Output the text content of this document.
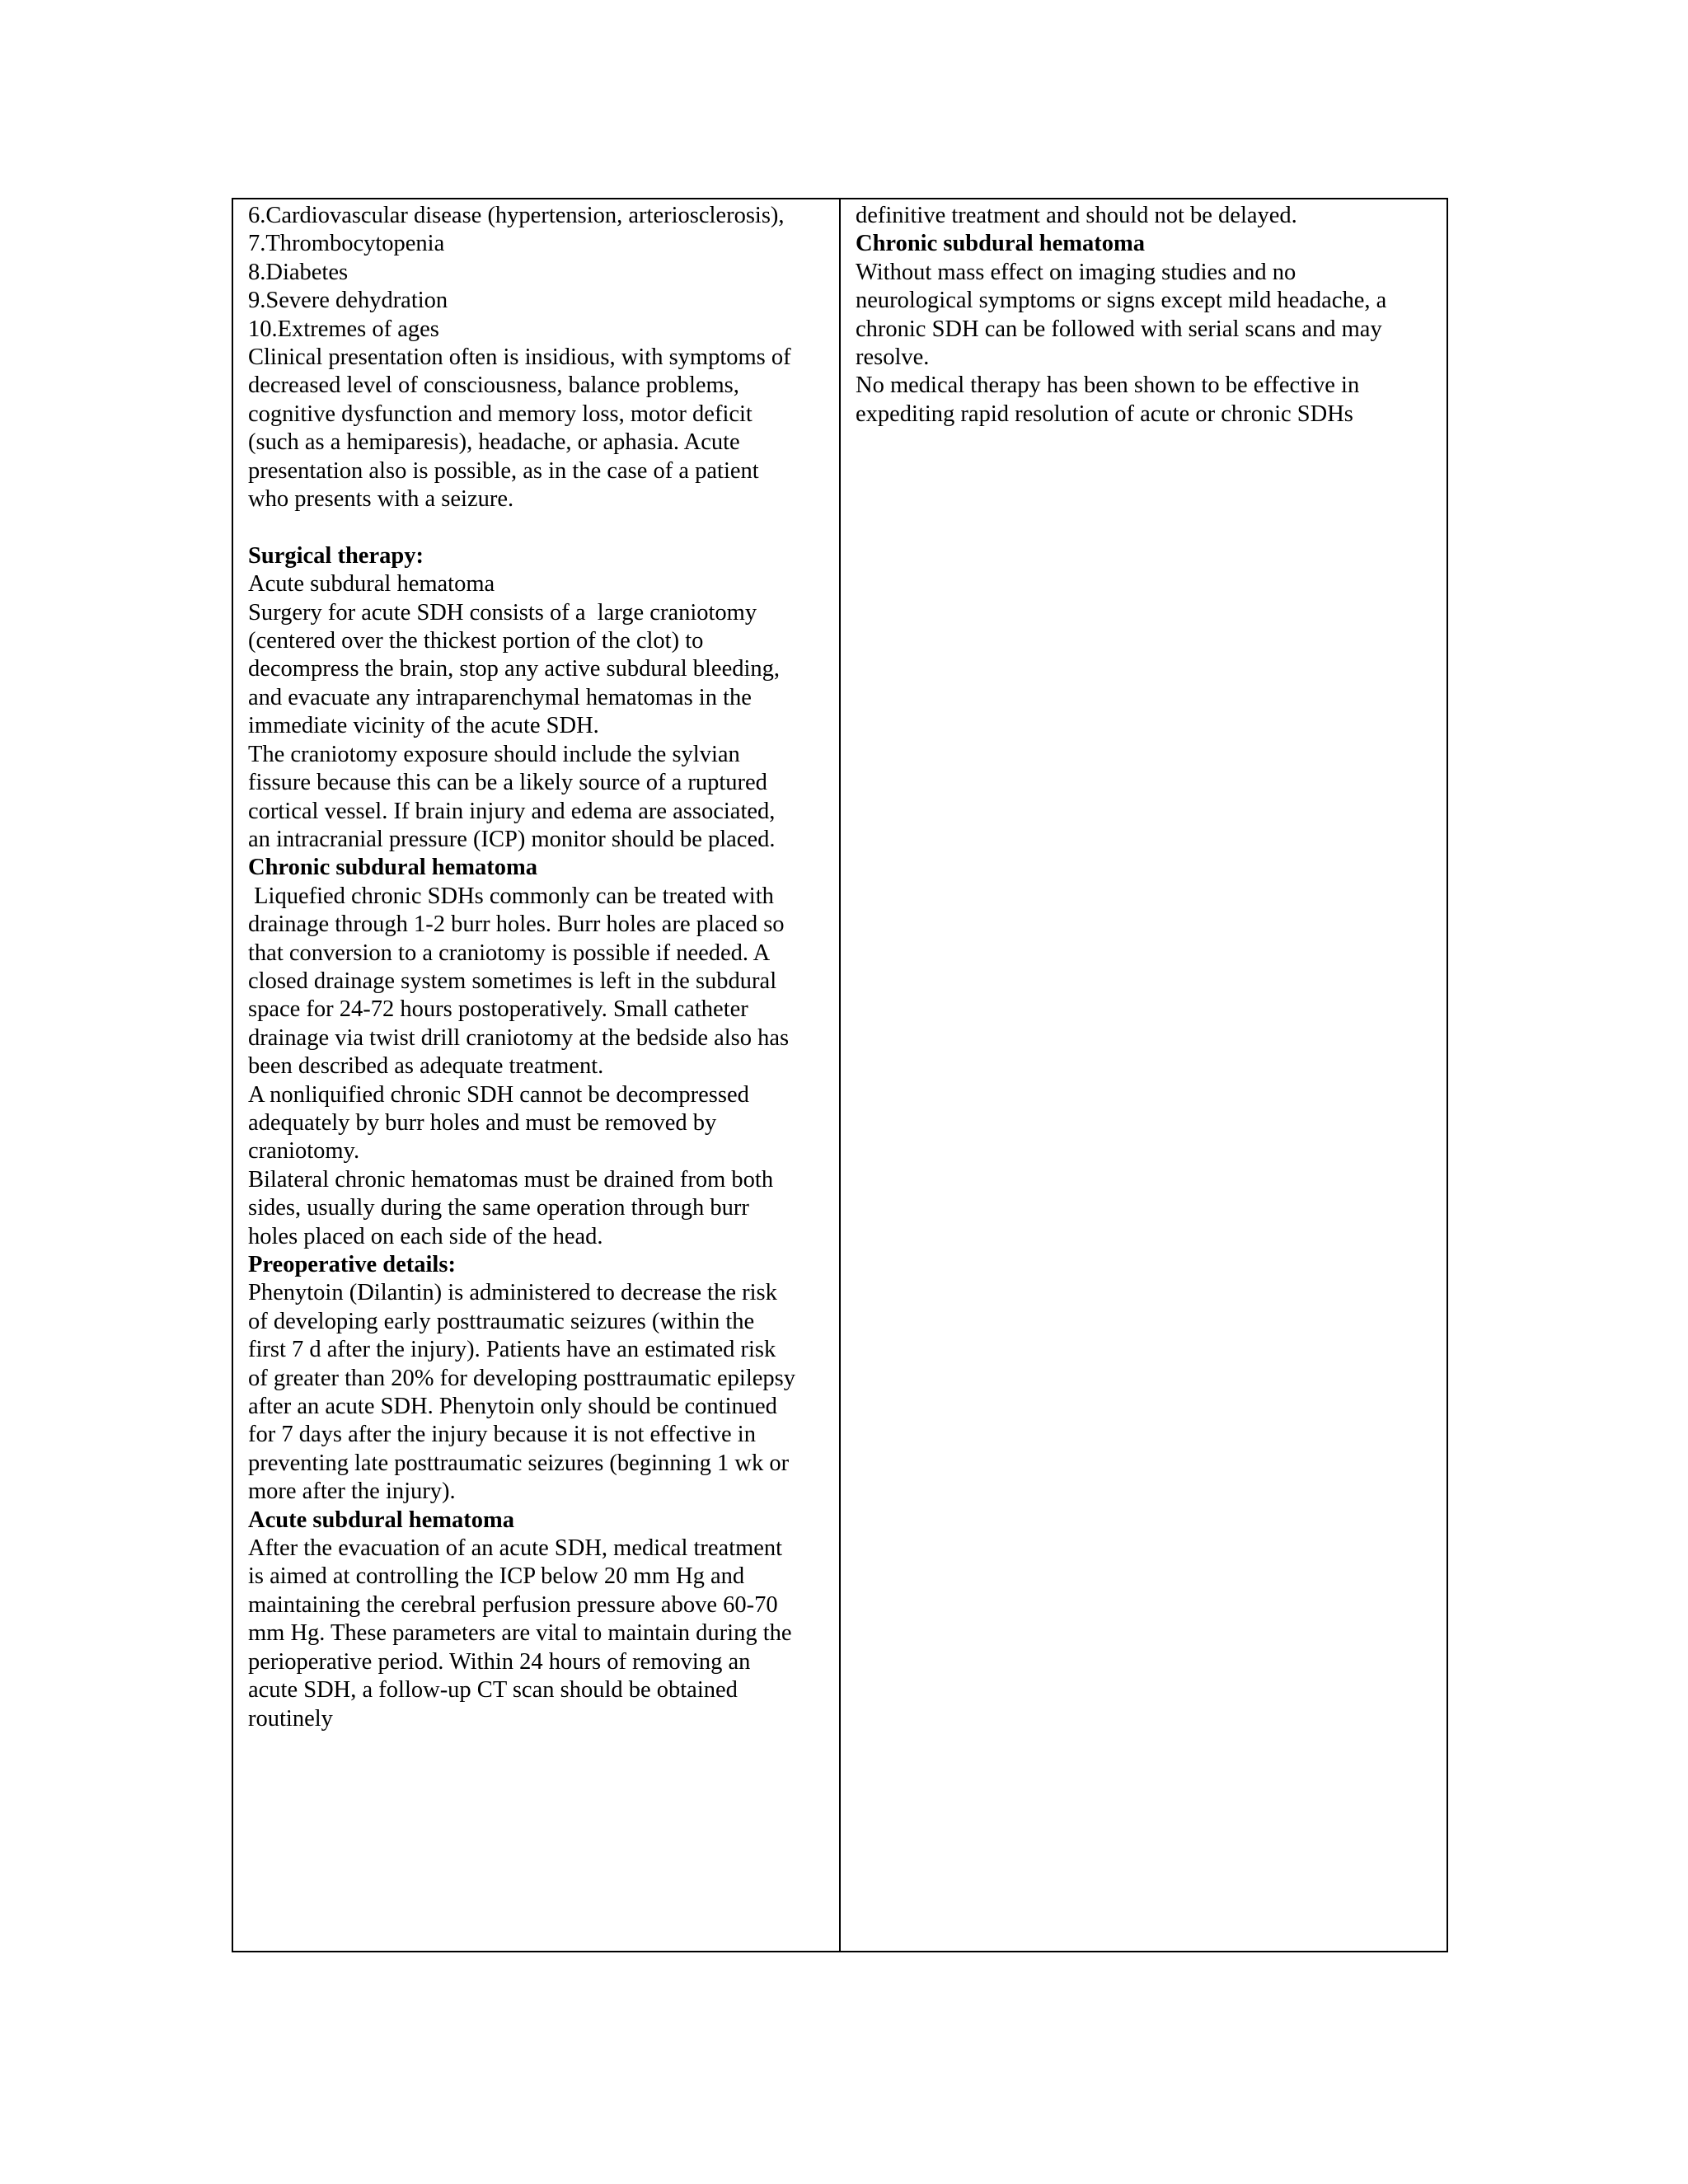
6.Cardiovascular disease (hypertension, arteriosclerosis),
7.Thrombocytopenia
8.Diabetes
9.Severe dehydration
10.Extremes of ages
Clinical presentation often is insidious, with symptoms of
decreased level of consciousness, balance problems,
cognitive dysfunction and memory loss, motor deficit
(such as a hemiparesis), headache, or aphasia. Acute
presentation also is possible, as in the case of a patient
who presents with a seizure.
Surgical therapy:
Acute subdural hematoma
Surgery for acute SDH consists of a  large craniotomy
(centered over the thickest portion of the clot) to
decompress the brain, stop any active subdural bleeding,
and evacuate any intraparenchymal hematomas in the
immediate vicinity of the acute SDH.
The craniotomy exposure should include the sylvian
fissure because this can be a likely source of a ruptured
cortical vessel. If brain injury and edema are associated,
an intracranial pressure (ICP) monitor should be placed.
Chronic subdural hematoma
Liquefied chronic SDHs commonly can be treated with
drainage through 1-2 burr holes. Burr holes are placed so
that conversion to a craniotomy is possible if needed. A
closed drainage system sometimes is left in the subdural
space for 24-72 hours postoperatively. Small catheter
drainage via twist drill craniotomy at the bedside also has
been described as adequate treatment.
A nonliquified chronic SDH cannot be decompressed
adequately by burr holes and must be removed by
craniotomy.
Bilateral chronic hematomas must be drained from both
sides, usually during the same operation through burr
holes placed on each side of the head.
Preoperative details:
Phenytoin (Dilantin) is administered to decrease the risk
of developing early posttraumatic seizures (within the
first 7 d after the injury). Patients have an estimated risk
of greater than 20% for developing posttraumatic epilepsy
after an acute SDH. Phenytoin only should be continued
for 7 days after the injury because it is not effective in
preventing late posttraumatic seizures (beginning 1 wk or
more after the injury).
Acute subdural hematoma
After the evacuation of an acute SDH, medical treatment
is aimed at controlling the ICP below 20 mm Hg and
maintaining the cerebral perfusion pressure above 60-70
mm Hg. These parameters are vital to maintain during the
perioperative period. Within 24 hours of removing an
acute SDH, a follow-up CT scan should be obtained
routinely
definitive treatment and should not be delayed.
Chronic subdural hematoma
Without mass effect on imaging studies and no
neurological symptoms or signs except mild headache, a
chronic SDH can be followed with serial scans and may
resolve.
No medical therapy has been shown to be effective in
expediting rapid resolution of acute or chronic SDHs
